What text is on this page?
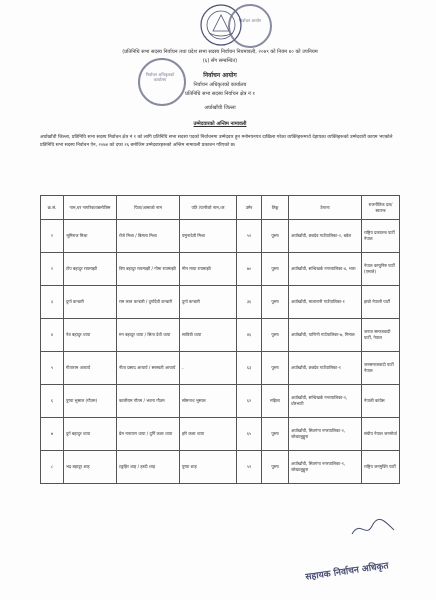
निर्वाचन आयोग
(प्रतिनिधि सभा सदस्य निर्वाचन तथा प्रदेश सभा सदस्य निर्वाचन नियमावली, २०७९ को नियम ४० को उपनियम
(६) सँग सम्बन्धित)
निर्वाचन अधिकृतको कार्यालय
निर्वाचन आयोग
निर्वाचन अधिकृतको कार्यालय
प्रतिनिधि सभा सदस्य निर्वाचन क्षेत्र नं १
अर्घाखाँची जिल्ला
उम्मेदवारको अन्तिम नामावली
अर्घाखाँची जिल्ला, प्रतिनिधि सभा सदस्य निर्वाचन क्षेत्र नं १ को लागि प्रतिनिधि सभा सदस्य पदको निर्वाचनमा उम्मेदवार हुन मनोनयनपत्र दाखिला गरेका व्यक्तिहरूमध्ये देहायका व्यक्तिहरूको उम्मेदवारी कायम भएकोले प्रतिनिधि सभा सदस्य निर्वाचन ऐन, २०७४ को दफा २६ बमोजिम उम्मेदवारहरूको अन्तिम नामावली प्रकाशन गरिएको छ।
क्र.सं.	नाम,थर नागरिकताबमोजिम	पिता/आमाको नाम	पति /पत्नीको नाम,थर	उमेर	लिङ्ग	ठेगाना	राजनीतिक दल/स्वतन्त्र
१	भूमिराज मिश्रा	रोजे मिश्रा / बिमला मिश्रा	यमुनादेवी मिश्रा	५२	पुरुष	अर्घाखाँची, छत्रदेव गाउँपालिका-२, बडेल	राष्ट्रिय प्रजातन्त्र पार्टी नेपाल
२	टोप बहादुर रायमाझी	विष बहादुर रायमाझी / गोमा रायमाझी	मीन माया रायमाझी	७०	पुरुष	अर्घाखाँची, सन्धिखर्क नगरपालिका-४, भारा	नेपाल कम्युनिष्ट पार्टी (एमाले)
३	दुर्गा कन्डारी	राम लाल कन्डारी / दुर्गादेवी कन्डारी	दुर्गा कन्डारी	३६	पुरुष	अर्घाखाँची, मालारानी गाउँपालिका-१	हाम्रो नेपाली पार्टी
४	नेत्र बहादुर थापा	मन बहादुर थापा / सिता देवी थापा	सावित्री थापा	४६	पुरुष	अर्घाखाँची, पाणिनी गाउँपालिका-७, गिमाल	जनता समाजवादी पार्टी, नेपाल
५	गीताराम आचार्य	नीता प्रसाद आचार्य / सरस्वती आचार्य	-	६३	पुरुष	अर्घाखाँची, छत्रदेव गाउँपालिका-१	जनसमाजवादी पार्टी नेपाल
६	पुष्पा भुसाल (गौतम)	कालीराम गौतम / भवना गौतम	सोमनाथ भुसाल	६२	महिला	अर्घाखाँची, सन्धिखर्क नगरपालिका-१, धोरभाटी	नेपाली कांग्रेस
७	दुर्ग बहादुर थापा	प्रेम नारायण थापा / दुर्गि कला थापा	हरि कला थापा	६५	पुरुष	अर्घाखाँची, सितगंगा नगरपालिका-२, जोखाजुङ्गुरा	संघीय नेपाल जनमोर्चा
८	भद्र बहादुर शाह	टङ्कहिर शाह / हरदी शाह	पुष्पा शाह	५२	पुरुष	अर्घाखाँची, सितगंगा नगरपालिका-१, जोखाजुङ्गुरा	राष्ट्रिय जनमुक्ति पार्टी
सहायक निर्वाचन अधिकृत
